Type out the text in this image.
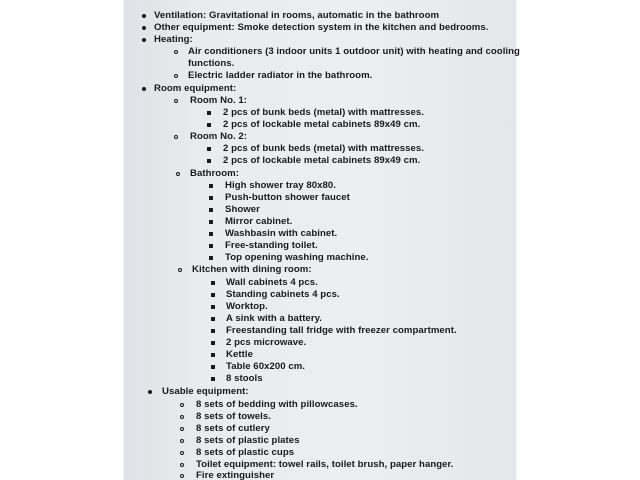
Ventilation: Gravitational in rooms, automatic in the bathroom
Other equipment: Smoke detection system in the kitchen and bedrooms.
Heating:
Air conditioners (3 indoor units 1 outdoor unit) with heating and cooling
functions.
Electric ladder radiator in the bathroom.
Room equipment:
Room No. 1:
2 pcs of bunk beds (metal) with mattresses.
2 pcs of lockable metal cabinets 89x49 cm.
Room No. 2:
2 pcs of bunk beds (metal) with mattresses.
2 pcs of lockable metal cabinets 89x49 cm.
Bathroom:
High shower tray 80x80.
Push-button shower faucet
Shower
Mirror cabinet.
Washbasin with cabinet.
Free-standing toilet.
Top opening washing machine.
Kitchen with dining room:
Wall cabinets 4 pcs.
Standing cabinets 4 pcs.
Worktop.
A sink with a battery.
Freestanding tall fridge with freezer compartment.
2 pcs microwave.
Kettle
Table 60x200 cm.
8 stools
Usable equipment:
8 sets of bedding with pillowcases.
8 sets of towels.
8 sets of cutlery
8 sets of plastic plates
8 sets of plastic cups
Toilet equipment: towel rails, toilet brush, paper hanger.
Fire extinguisher
